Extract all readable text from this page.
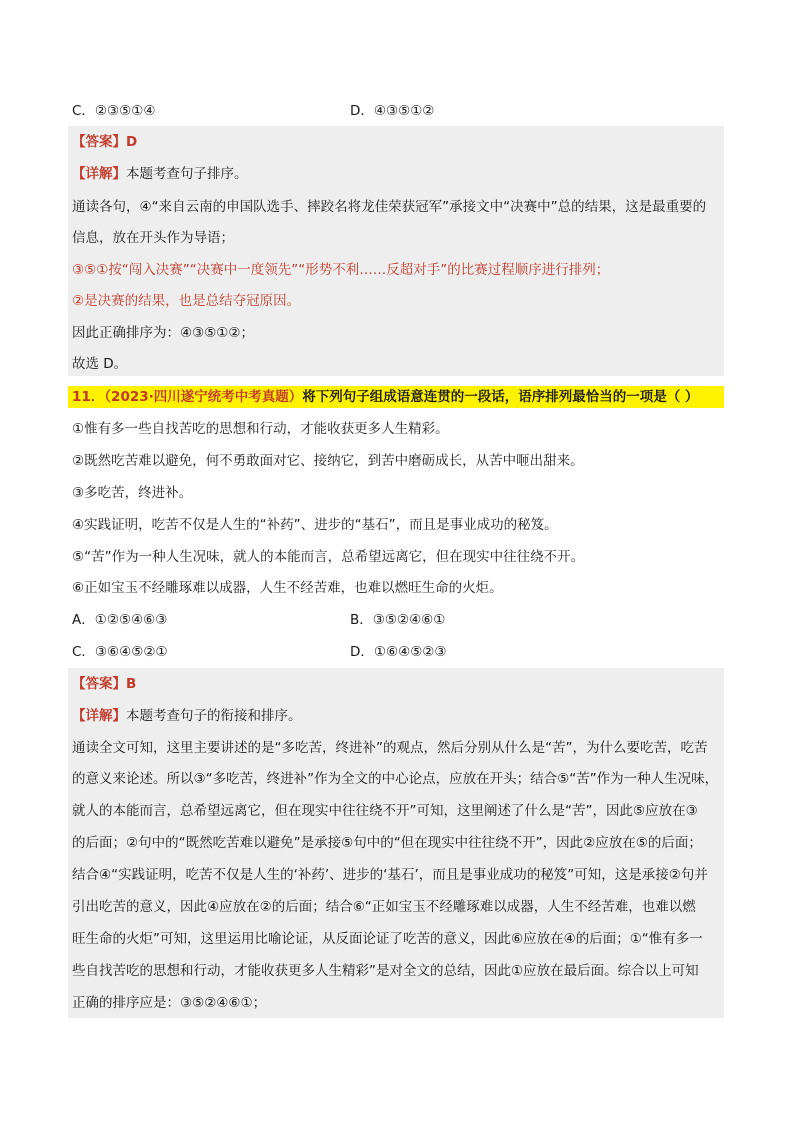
C．②③⑤①④	D．④③⑤①②
【答案】D
【详解】本题考查句子排序。
通读各句，④“来自云南的申国队选手、摔跤名将龙佳荣获冠军”承接文中“决赛中”总的结果，这是最重要的
信息，放在开头作为导语；
③⑤①按“闯入决赛”“决赛中一度领先”“形势不利……反超对手”的比赛过程顺序进行排列；
②是决赛的结果，也是总结夺冠原因。
因此正确排序为：④③⑤①②；
故选 D。
11．（2023·四川遂宁统考中考真题）将下列句子组成语意连贯的一段话，语序排列最恰当的一项是（ ）
①惟有多一些自找苦吃的思想和行动，才能收获更多人生精彩。
②既然吃苦难以避免，何不勇敢面对它、接纳它，到苦中磨砺成长，从苦中咂出甜来。
③多吃苦，终进补。
④实践证明，吃苦不仅是人生的“补药”、进步的“基石”，而且是事业成功的秘笈。
⑤“苦”作为一种人生况味，就人的本能而言，总希望远离它，但在现实中往往绕不开。
⑥正如宝玉不经雕琢难以成器，人生不经苦难，也难以燃旺生命的火炬。
A．①②⑤④⑥③	B．③⑤②④⑥①
C．③⑥④⑤②①	D．①⑥④⑤②③
【答案】B
【详解】本题考查句子的衔接和排序。
通读全文可知，这里主要讲述的是“多吃苦，终进补”的观点，然后分别从什么是“苦”，为什么要吃苦，吃苦
的意义来论述。所以③“多吃苦，终进补”作为全文的中心论点，应放在开头；结合⑤“苦”作为一种人生况味，
就人的本能而言，总希望远离它，但在现实中往往绕不开”可知，这里阐述了什么是“苦”，因此⑤应放在③
的后面；②句中的“既然吃苦难以避免”是承接⑤句中的“但在现实中往往绕不开”，因此②应放在⑤的后面；
结合④“实践证明，吃苦不仅是人生的‘补药’、进步的‘基石’，而且是事业成功的秘笈”可知，这是承接②句并
引出吃苦的意义，因此④应放在②的后面；结合⑥“正如宝玉不经雕琢难以成器，人生不经苦难，也难以燃
旺生命的火炬”可知，这里运用比喻论证，从反面论证了吃苦的意义，因此⑥应放在④的后面；①“惟有多一
些自找苦吃的思想和行动，才能收获更多人生精彩”是对全文的总结，因此①应放在最后面。综合以上可知
正确的排序应是：③⑤②④⑥①；
